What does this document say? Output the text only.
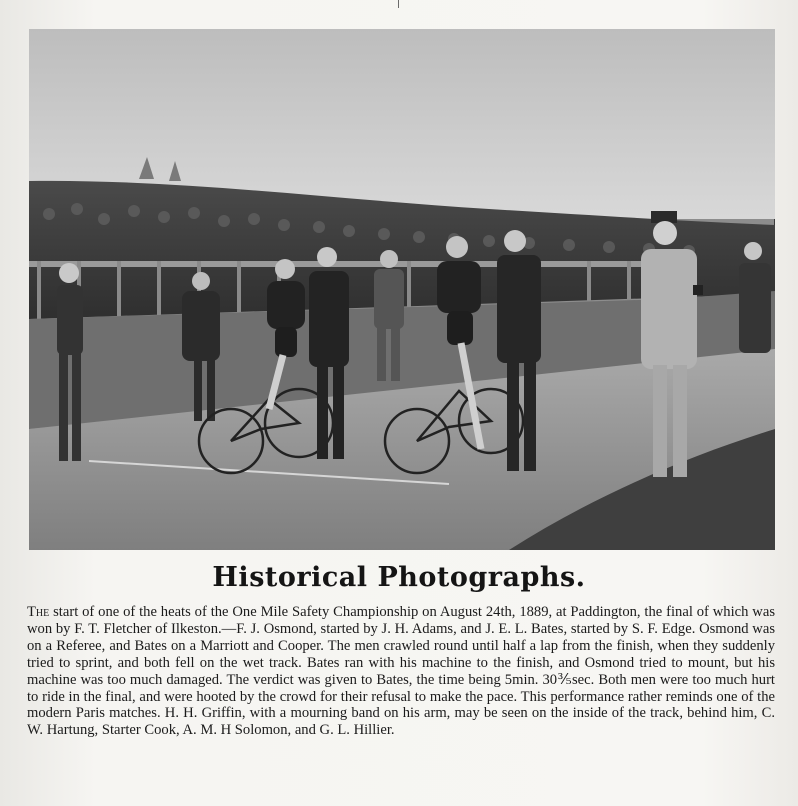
Historical Photographs.
The start of one of the heats of the One Mile Safety Championship on August 24th, 1889, at Paddington, the final of which was won by F. T. Fletcher of Ilkeston.—F. J. Osmond, started by J. H. Adams, and J. E. L. Bates, started by S. F. Edge. Osmond was on a Referee, and Bates on a Marriott and Cooper. The men crawled round until half a lap from the finish, when they suddenly tried to sprint, and both fell on the wet track. Bates ran with his machine to the finish, and Osmond tried to mount, but his machine was too much damaged. The verdict was given to Bates, the time being 5min. 30⅗sec. Both men were too much hurt to ride in the final, and were hooted by the crowd for their refusal to make the pace. This performance rather reminds one of the modern Paris matches. H. H. Griffin, with a mourning band on his arm, may be seen on the inside of the track, behind him, C. W. Hartung, Starter Cook, A. M. H Solomon, and G. L. Hillier.
